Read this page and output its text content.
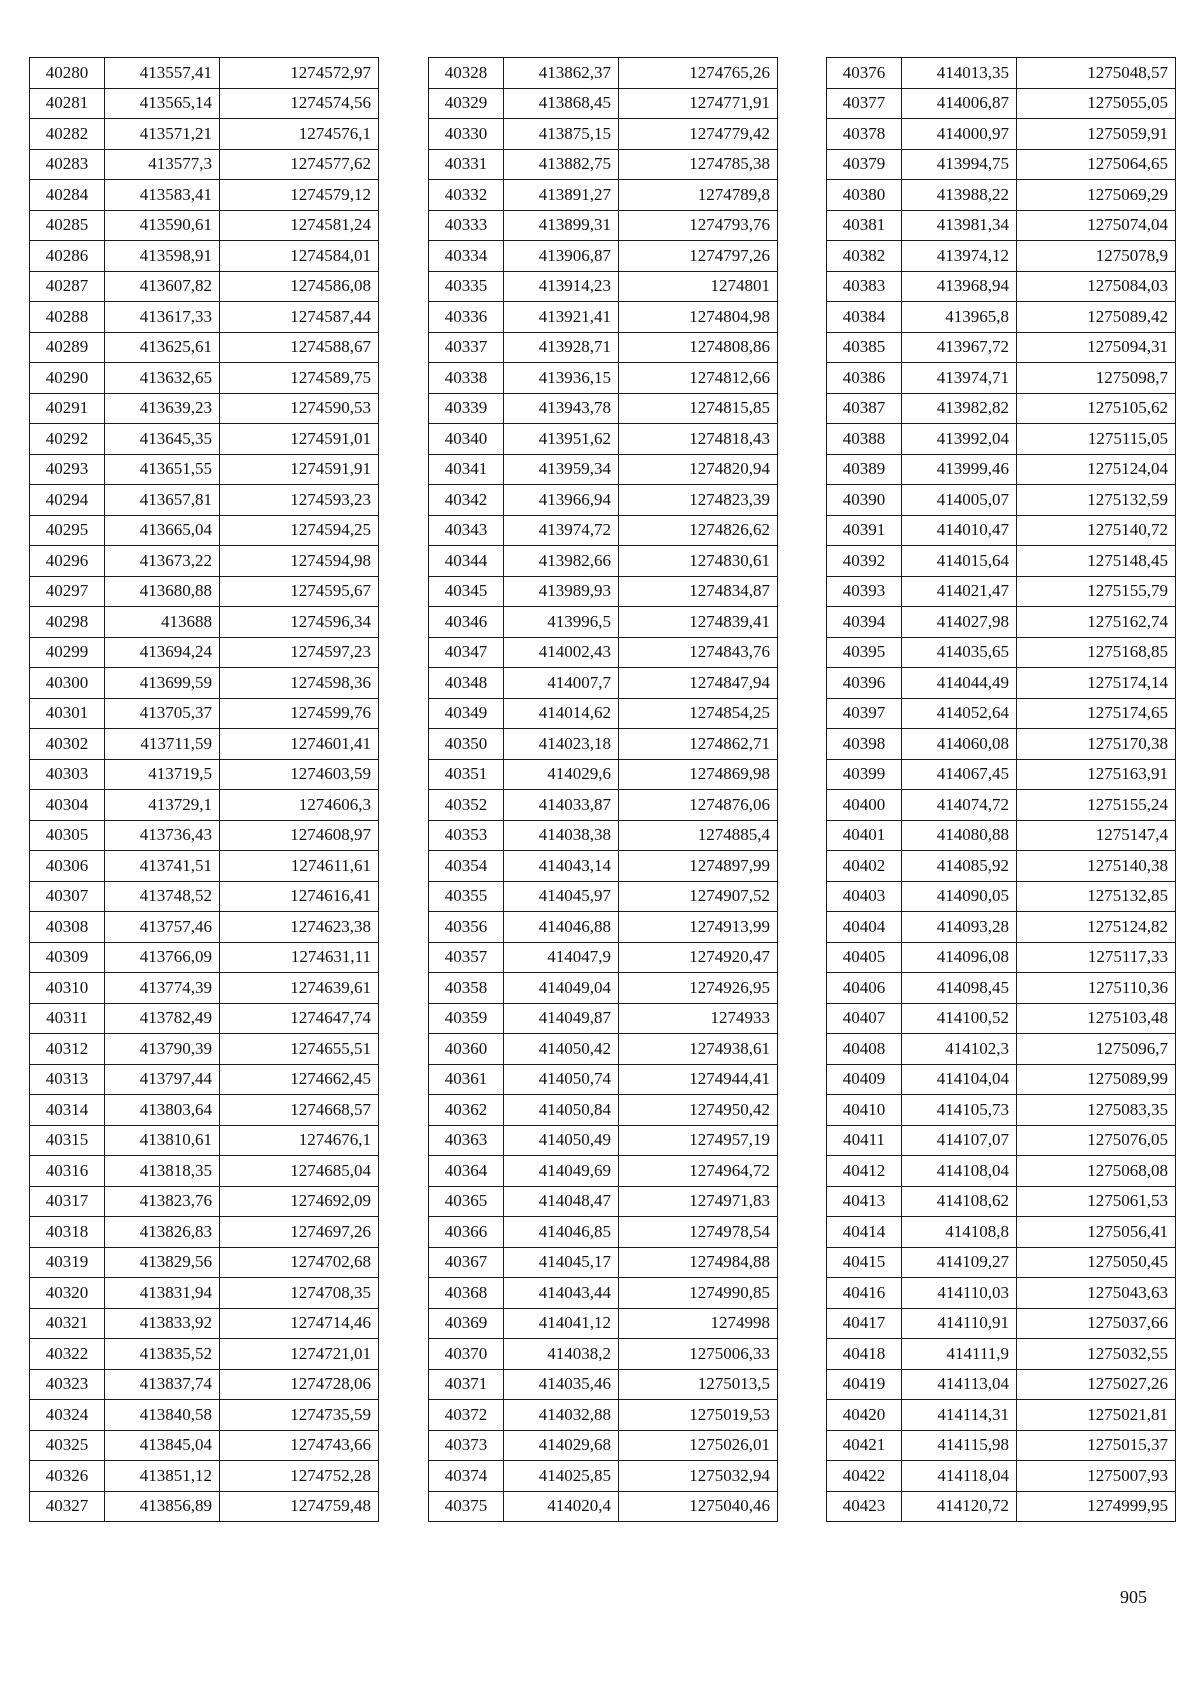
40280	413557,41	1274572,97
40281	413565,14	1274574,56
40282	413571,21	1274576,1
40283	413577,3	1274577,62
40284	413583,41	1274579,12
40285	413590,61	1274581,24
40286	413598,91	1274584,01
40287	413607,82	1274586,08
40288	413617,33	1274587,44
40289	413625,61	1274588,67
40290	413632,65	1274589,75
40291	413639,23	1274590,53
40292	413645,35	1274591,01
40293	413651,55	1274591,91
40294	413657,81	1274593,23
40295	413665,04	1274594,25
40296	413673,22	1274594,98
40297	413680,88	1274595,67
40298	413688	1274596,34
40299	413694,24	1274597,23
40300	413699,59	1274598,36
40301	413705,37	1274599,76
40302	413711,59	1274601,41
40303	413719,5	1274603,59
40304	413729,1	1274606,3
40305	413736,43	1274608,97
40306	413741,51	1274611,61
40307	413748,52	1274616,41
40308	413757,46	1274623,38
40309	413766,09	1274631,11
40310	413774,39	1274639,61
40311	413782,49	1274647,74
40312	413790,39	1274655,51
40313	413797,44	1274662,45
40314	413803,64	1274668,57
40315	413810,61	1274676,1
40316	413818,35	1274685,04
40317	413823,76	1274692,09
40318	413826,83	1274697,26
40319	413829,56	1274702,68
40320	413831,94	1274708,35
40321	413833,92	1274714,46
40322	413835,52	1274721,01
40323	413837,74	1274728,06
40324	413840,58	1274735,59
40325	413845,04	1274743,66
40326	413851,12	1274752,28
40327	413856,89	1274759,48
40328	413862,37	1274765,26
40329	413868,45	1274771,91
40330	413875,15	1274779,42
40331	413882,75	1274785,38
40332	413891,27	1274789,8
40333	413899,31	1274793,76
40334	413906,87	1274797,26
40335	413914,23	1274801
40336	413921,41	1274804,98
40337	413928,71	1274808,86
40338	413936,15	1274812,66
40339	413943,78	1274815,85
40340	413951,62	1274818,43
40341	413959,34	1274820,94
40342	413966,94	1274823,39
40343	413974,72	1274826,62
40344	413982,66	1274830,61
40345	413989,93	1274834,87
40346	413996,5	1274839,41
40347	414002,43	1274843,76
40348	414007,7	1274847,94
40349	414014,62	1274854,25
40350	414023,18	1274862,71
40351	414029,6	1274869,98
40352	414033,87	1274876,06
40353	414038,38	1274885,4
40354	414043,14	1274897,99
40355	414045,97	1274907,52
40356	414046,88	1274913,99
40357	414047,9	1274920,47
40358	414049,04	1274926,95
40359	414049,87	1274933
40360	414050,42	1274938,61
40361	414050,74	1274944,41
40362	414050,84	1274950,42
40363	414050,49	1274957,19
40364	414049,69	1274964,72
40365	414048,47	1274971,83
40366	414046,85	1274978,54
40367	414045,17	1274984,88
40368	414043,44	1274990,85
40369	414041,12	1274998
40370	414038,2	1275006,33
40371	414035,46	1275013,5
40372	414032,88	1275019,53
40373	414029,68	1275026,01
40374	414025,85	1275032,94
40375	414020,4	1275040,46
40376	414013,35	1275048,57
40377	414006,87	1275055,05
40378	414000,97	1275059,91
40379	413994,75	1275064,65
40380	413988,22	1275069,29
40381	413981,34	1275074,04
40382	413974,12	1275078,9
40383	413968,94	1275084,03
40384	413965,8	1275089,42
40385	413967,72	1275094,31
40386	413974,71	1275098,7
40387	413982,82	1275105,62
40388	413992,04	1275115,05
40389	413999,46	1275124,04
40390	414005,07	1275132,59
40391	414010,47	1275140,72
40392	414015,64	1275148,45
40393	414021,47	1275155,79
40394	414027,98	1275162,74
40395	414035,65	1275168,85
40396	414044,49	1275174,14
40397	414052,64	1275174,65
40398	414060,08	1275170,38
40399	414067,45	1275163,91
40400	414074,72	1275155,24
40401	414080,88	1275147,4
40402	414085,92	1275140,38
40403	414090,05	1275132,85
40404	414093,28	1275124,82
40405	414096,08	1275117,33
40406	414098,45	1275110,36
40407	414100,52	1275103,48
40408	414102,3	1275096,7
40409	414104,04	1275089,99
40410	414105,73	1275083,35
40411	414107,07	1275076,05
40412	414108,04	1275068,08
40413	414108,62	1275061,53
40414	414108,8	1275056,41
40415	414109,27	1275050,45
40416	414110,03	1275043,63
40417	414110,91	1275037,66
40418	414111,9	1275032,55
40419	414113,04	1275027,26
40420	414114,31	1275021,81
40421	414115,98	1275015,37
40422	414118,04	1275007,93
40423	414120,72	1274999,95
905
